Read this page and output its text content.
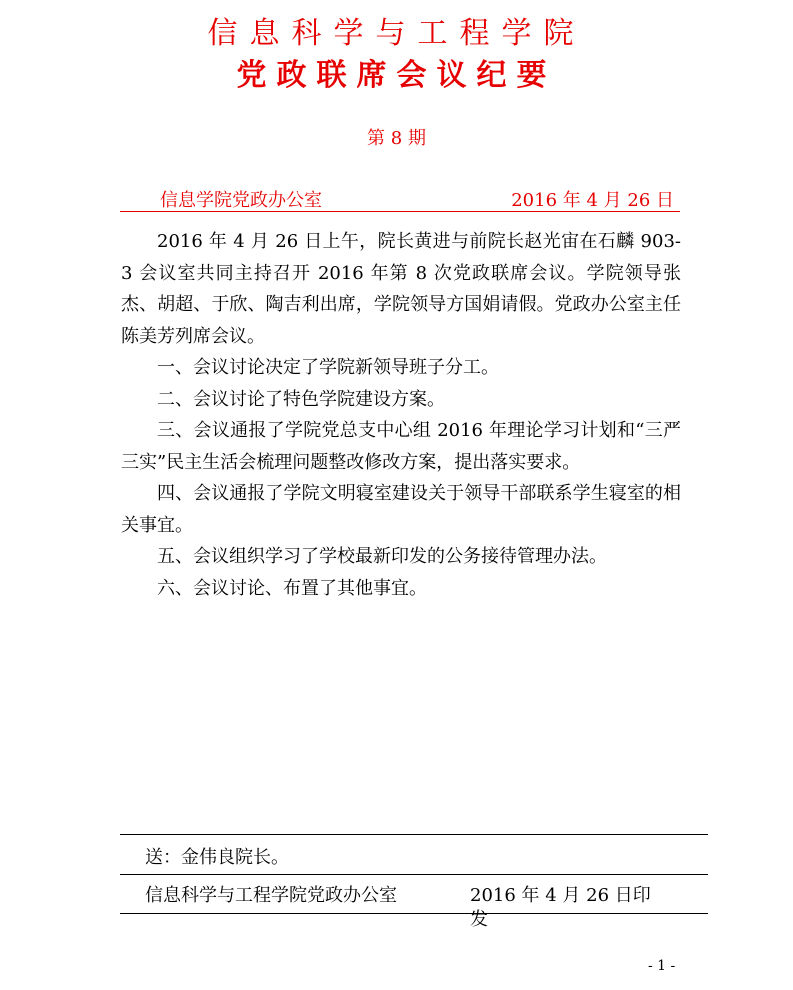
信息科学与工程学院
党政联席会议纪要
第 8 期
信息学院党政办公室	2016 年 4 月 26 日

2016 年 4 月 26 日上午，院长黄进与前院长赵光宙在石麟 903-3 会议室共同主持召开 2016 年第 8 次党政联席会议。学院领导张杰、胡超、于欣、陶吉利出席，学院领导方国娟请假。党政办公室主任陈美芳列席会议。

一、会议讨论决定了学院新领导班子分工。

二、会议讨论了特色学院建设方案。

三、会议通报了学院党总支中心组 2016 年理论学习计划和“三严三实”民主生活会梳理问题整改修改方案，提出落实要求。

四、会议通报了学院文明寝室建设关于领导干部联系学生寝室的相关事宜。

五、会议组织学习了学校最新印发的公务接待管理办法。

六、会议讨论、布置了其他事宜。

送：金伟良院长。
信息科学与工程学院党政办公室	2016 年 4 月 26 日印发
- 1 -
